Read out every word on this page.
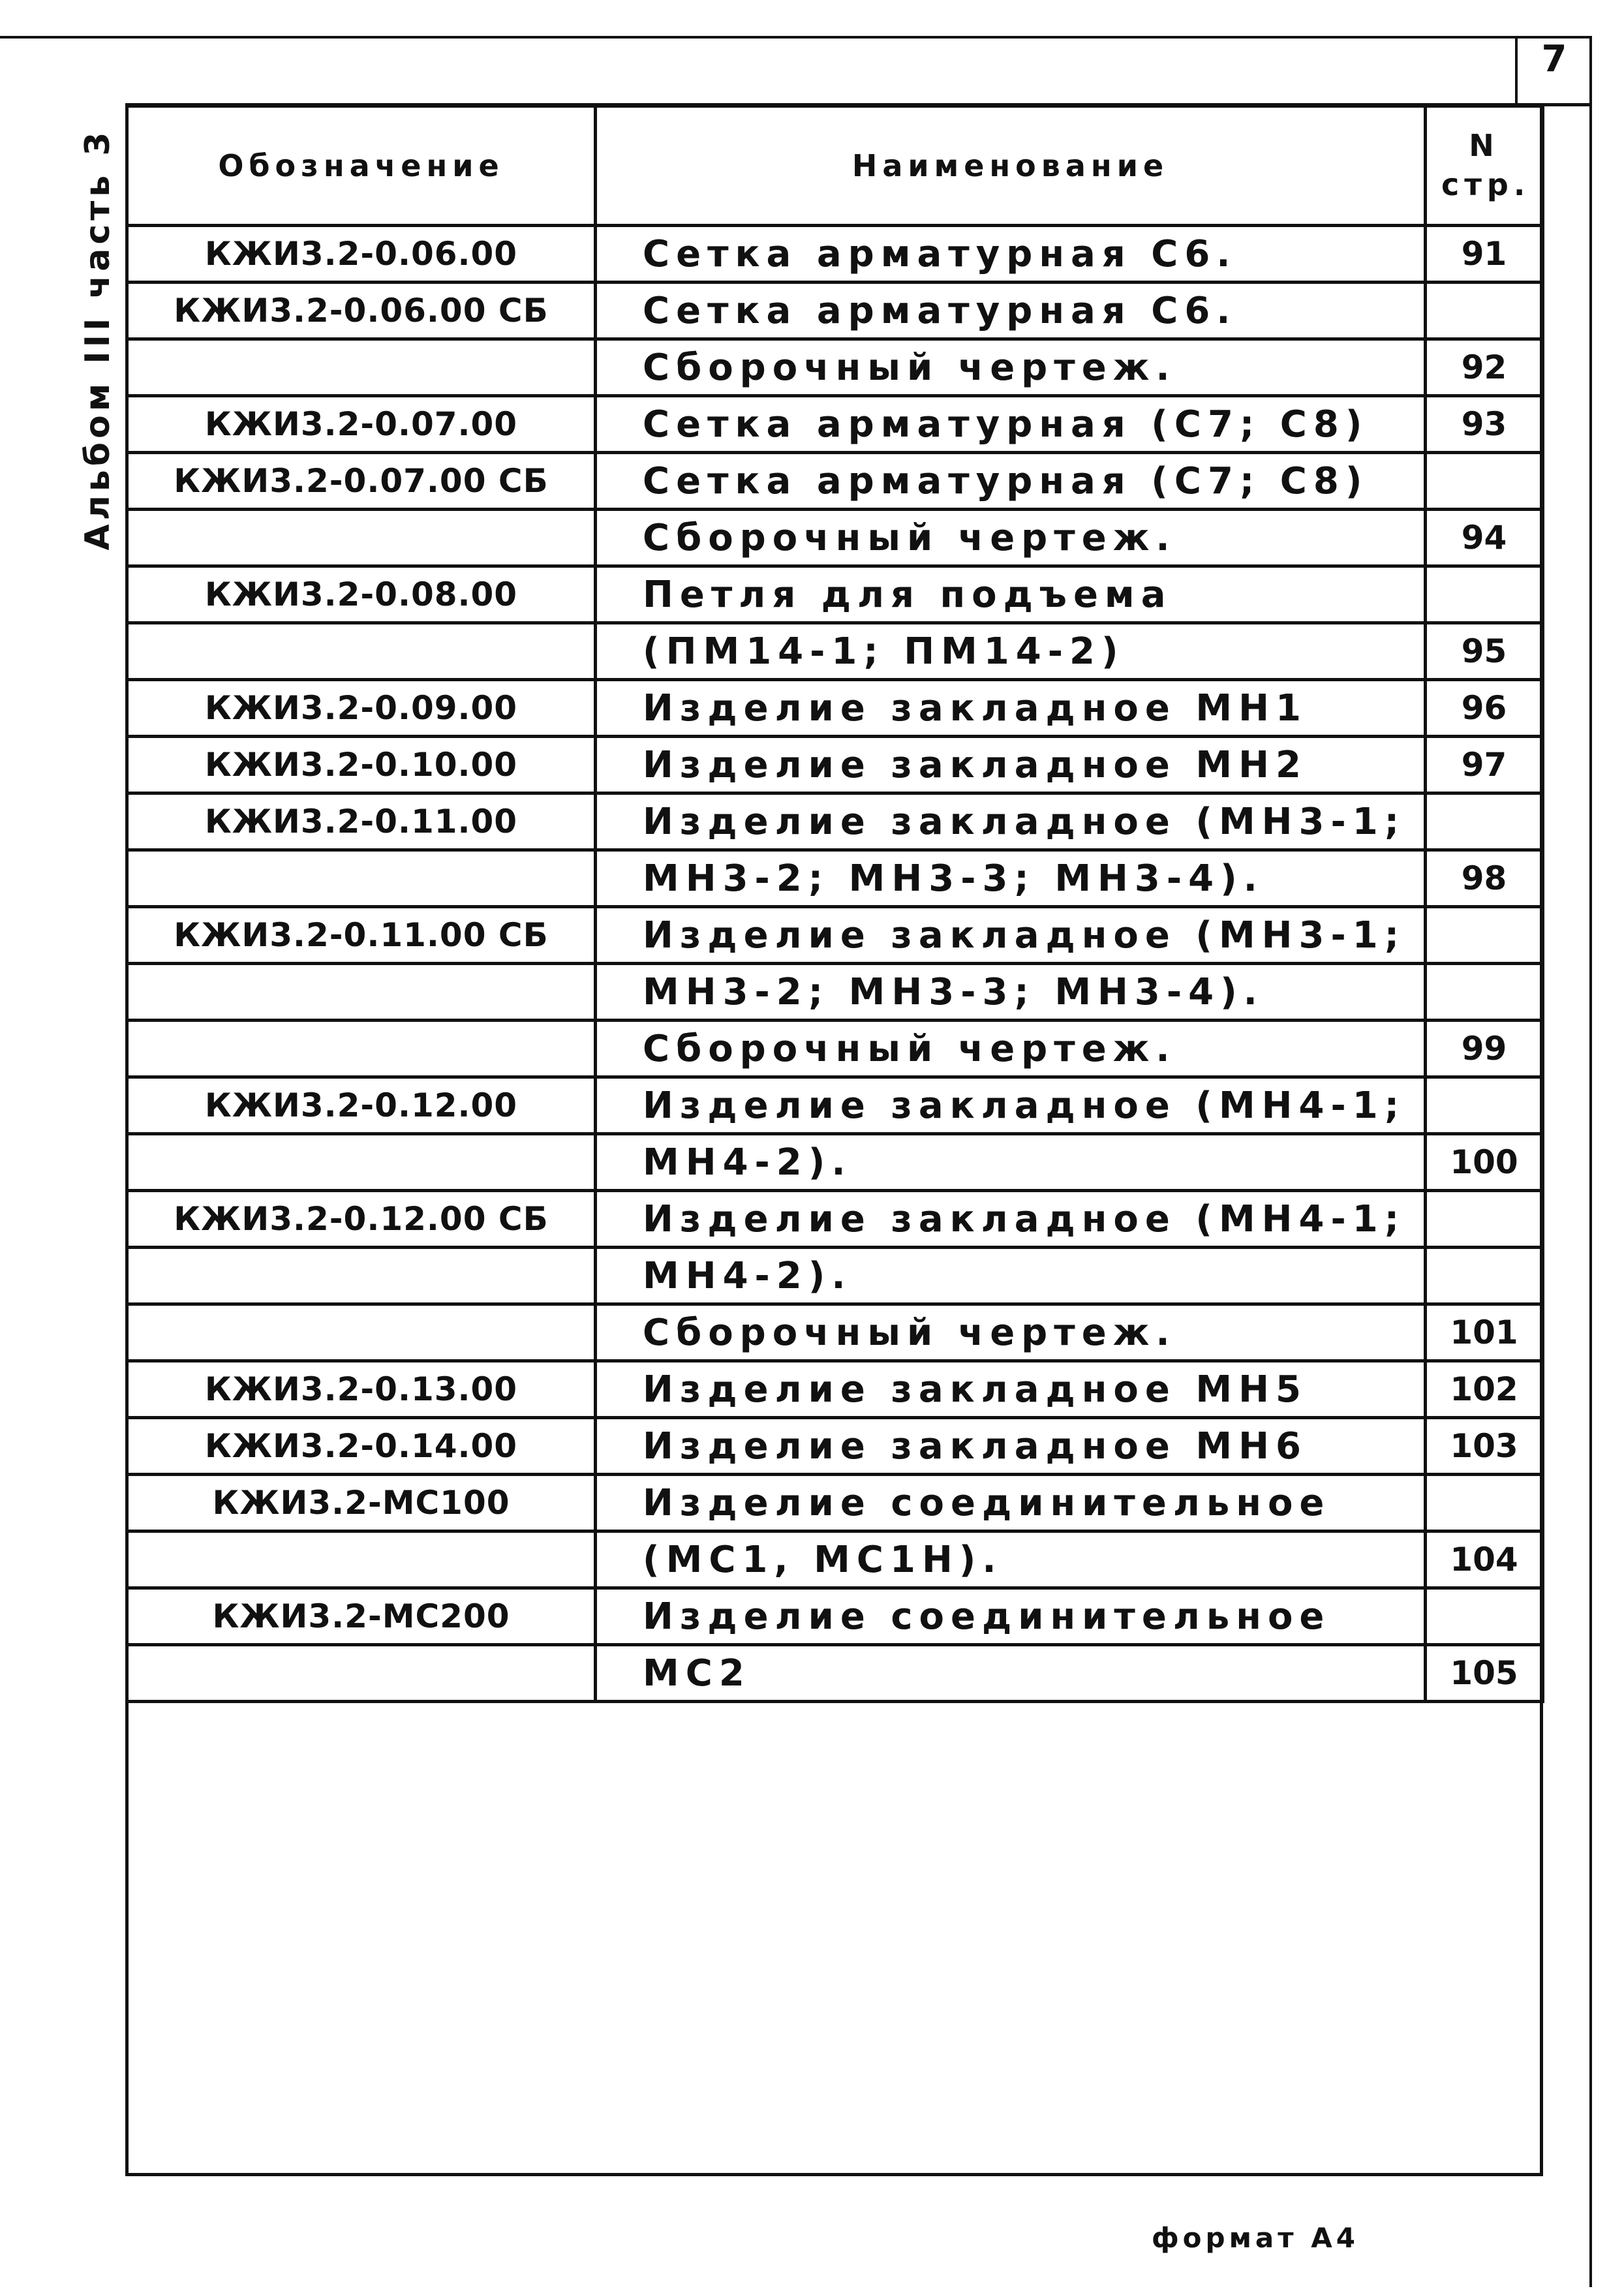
7
Альбом III часть 3	Обозначение	Наименование	N
стр.

КЖИ3.2-0.06.00	Сетка арматурная С6.	91
КЖИ3.2-0.06.00 СБ	Сетка арматурная С6.	
	Сборочный чертеж.	92
КЖИ3.2-0.07.00	Сетка арматурная (С7; С8)	93
КЖИ3.2-0.07.00 СБ	Сетка арматурная (С7; С8)	
	Сборочный чертеж.	94
КЖИ3.2-0.08.00	Петля для подъема	
	(ПМ14-1; ПМ14-2)	95
КЖИ3.2-0.09.00	Изделие закладное МН1	96
КЖИ3.2-0.10.00	Изделие закладное МН2	97
КЖИ3.2-0.11.00	Изделие закладное (МН3-1;	
	МН3-2; МН3-3; МН3-4).	98
КЖИ3.2-0.11.00 СБ	Изделие закладное (МН3-1;	
	МН3-2; МН3-3; МН3-4).	
	Сборочный чертеж.	99
КЖИ3.2-0.12.00	Изделие закладное (МН4-1;	
	МН4-2).	100
КЖИ3.2-0.12.00 СБ	Изделие закладное (МН4-1;	
	МН4-2).	
	Сборочный чертеж.	101
КЖИ3.2-0.13.00	Изделие закладное МН5	102
КЖИ3.2-0.14.00	Изделие закладное МН6	103
КЖИ3.2-МС100	Изделие соединительное	
	(МС1, МС1Н).	104
КЖИ3.2-МС200	Изделие соединительное	
	МС2	105
формат А4
